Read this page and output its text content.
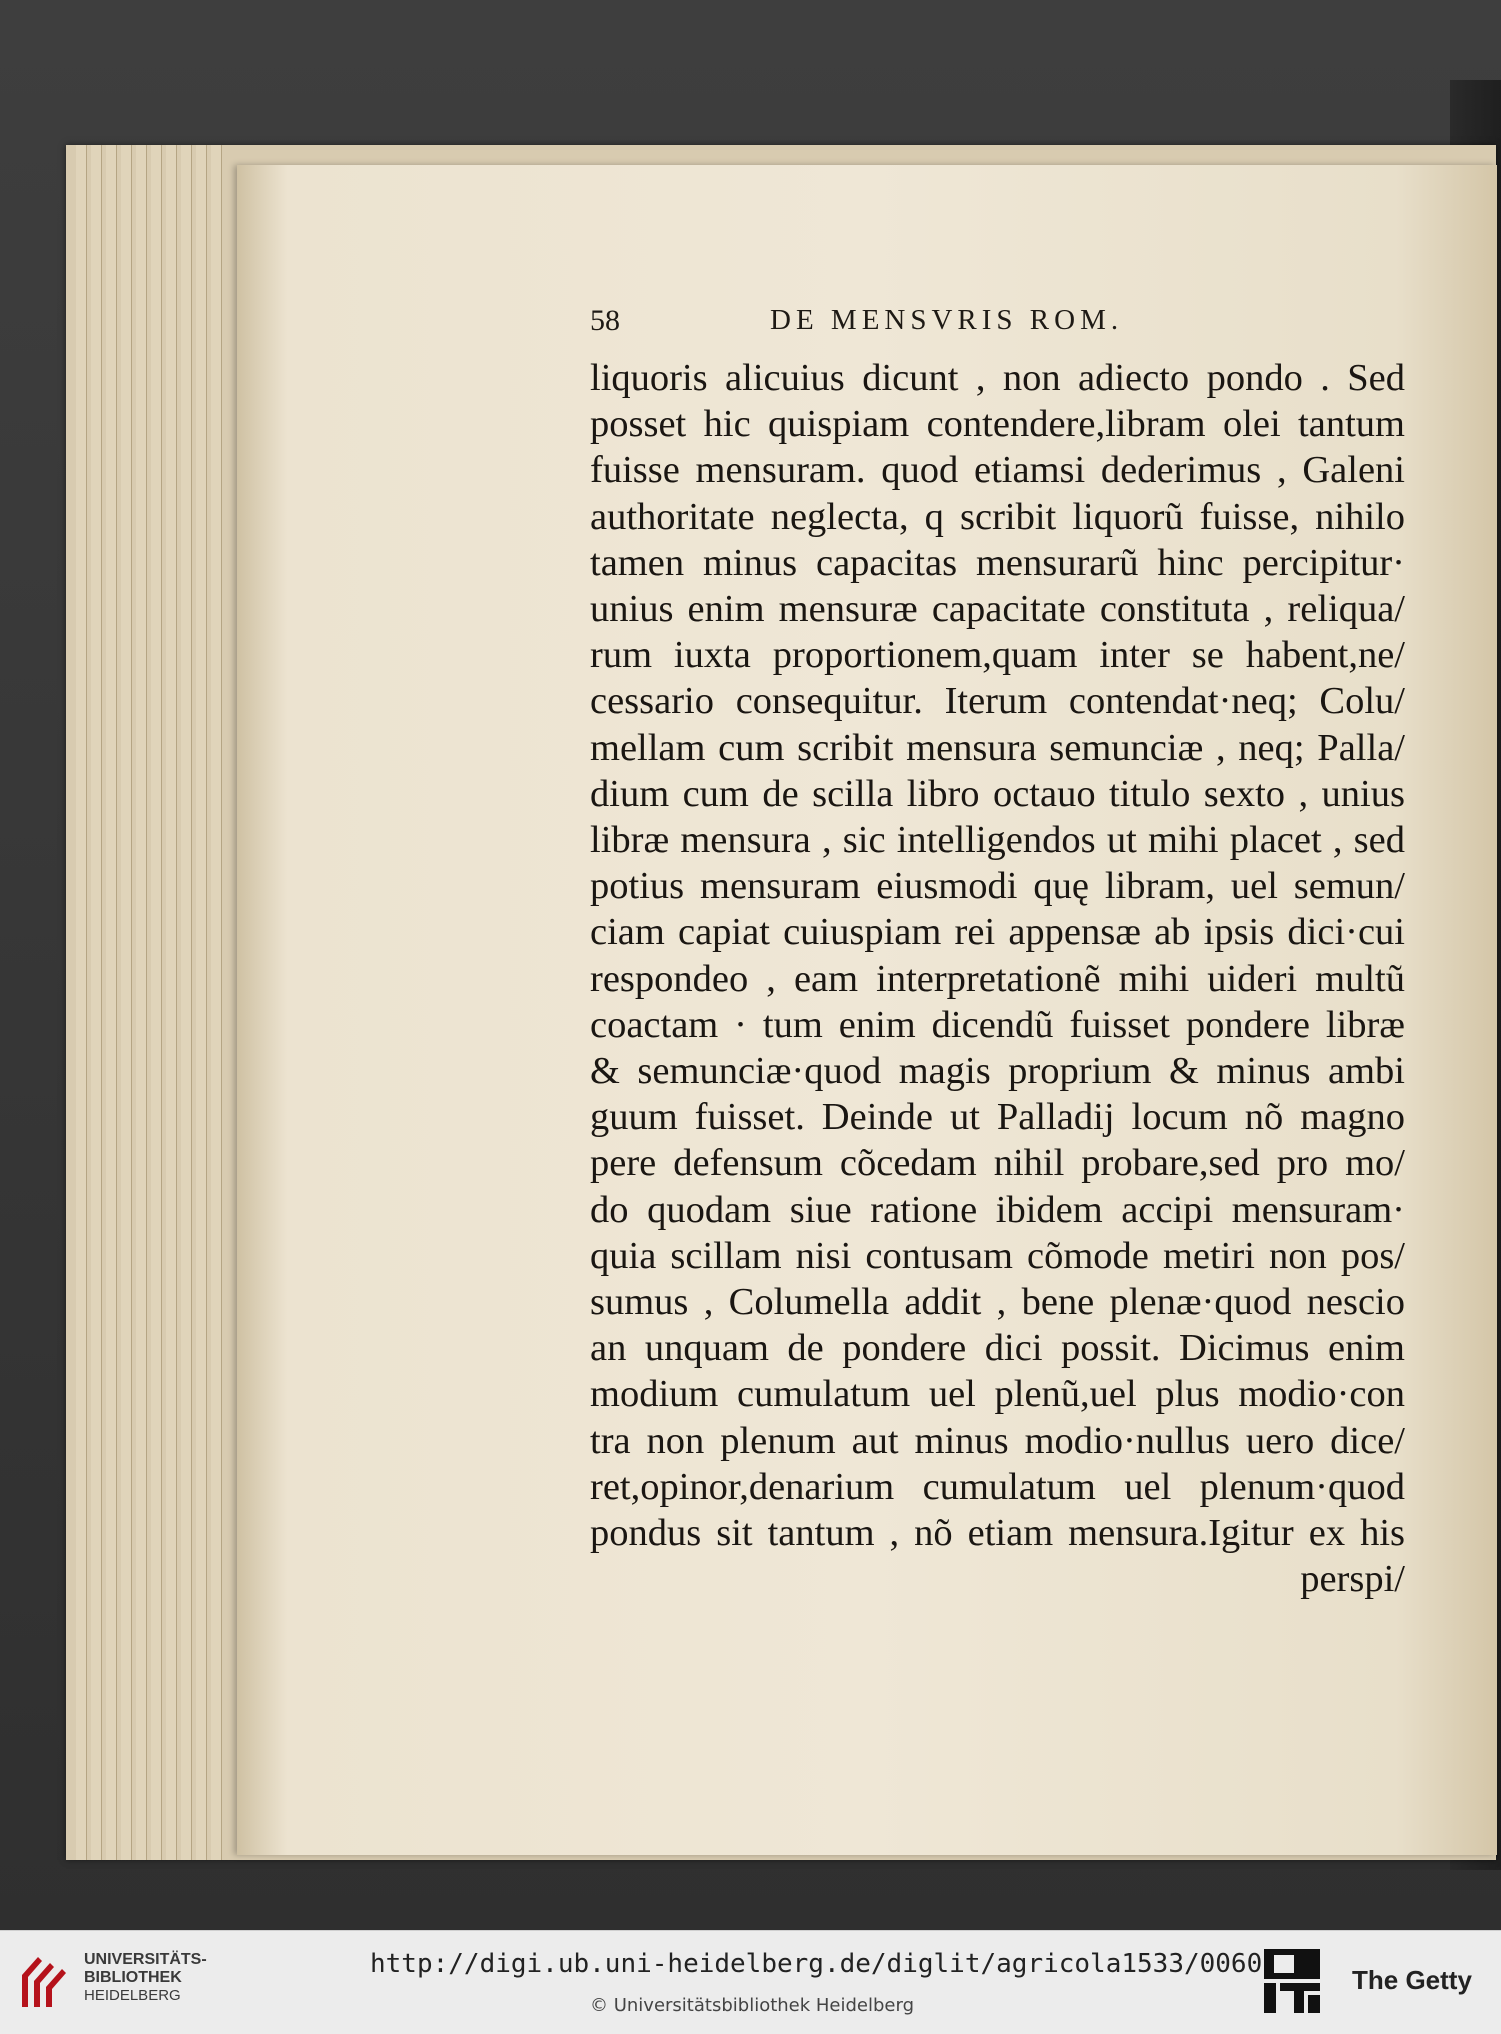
58	DE MENSVRIS ROM.
liquoris alicuius dicunt , non adiecto pondo . Sed
posset hic quispiam contendere,libram olei tantum
fuisse mensuram. quod etiamsi dederimus , Galeni
authoritate neglecta, q scribit liquorũ fuisse, nihilo
tamen minus capacitas mensurarũ hinc percipitur·
unius enim mensuræ capacitate constituta , reliqua/
rum iuxta proportionem,quam inter se habent,ne/
cessario consequitur. Iterum contendat·neq; Colu/
mellam cum scribit mensura semunciæ , neq; Palla/
dium cum de scilla libro octauo titulo sexto , unius
libræ mensura , sic intelligendos ut mihi placet , sed
potius mensuram eiusmodi quę libram, uel semun/
ciam capiat cuiuspiam rei appensæ ab ipsis dici·cui
respondeo , eam interpretationẽ mihi uideri multũ
coactam · tum enim dicendũ fuisset pondere libræ
& semunciæ·quod magis proprium & minus ambi
guum fuisset. Deinde ut Palladij locum nõ magno
pere defensum cõcedam nihil probare,sed pro mo/
do quodam siue ratione ibidem accipi mensuram·
quia scillam nisi contusam cõmode metiri non pos/
sumus , Columella addit , bene plenæ·quod nescio
an unquam de pondere dici possit. Dicimus enim
modium cumulatum uel plenũ,uel plus modio·con
tra non plenum aut minus modio·nullus uero dice/
ret,opinor,denarium cumulatum uel plenum·quod
pondus sit tantum , nõ etiam mensura.Igitur ex his
perspi/
UNIVERSITÄTS-
BIBLIOTHEK
HEIDELBERG
http://digi.ub.uni-heidelberg.de/diglit/agricola1533/0060
© Universitätsbibliothek Heidelberg
The Getty
